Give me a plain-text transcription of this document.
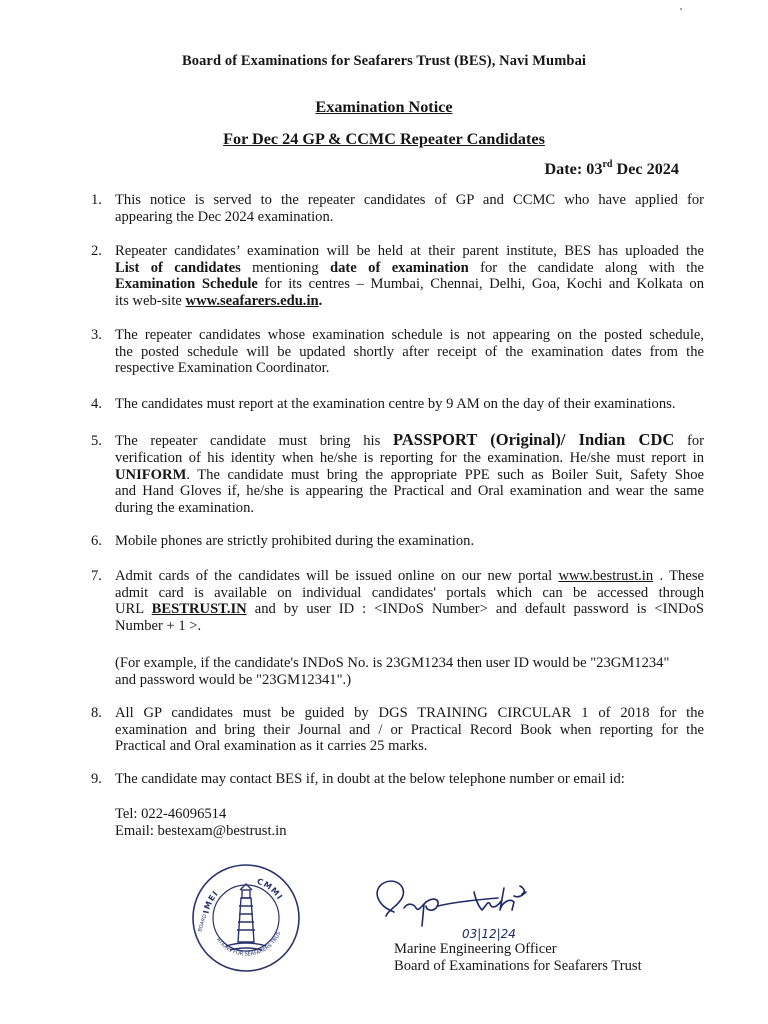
Board of Examinations for Seafarers Trust (BES), Navi Mumbai
Examination Notice
For Dec 24 GP & CCMC Repeater Candidates
Date: 03rd Dec 2024
1. This notice is served to the repeater candidates of GP and CCMC who have applied for
appearing the Dec 2024 examination.
2. Repeater candidates’ examination will be held at their parent institute, BES has uploaded the
List of candidates mentioning date of examination for the candidate along with the
Examination Schedule for its centres – Mumbai, Chennai, Delhi, Goa, Kochi and Kolkata on
its web-site www.seafarers.edu.in.
3. The repeater candidates whose examination schedule is not appearing on the posted schedule,
the posted schedule will be updated shortly after receipt of the examination dates from the
respective Examination Coordinator.
4. The candidates must report at the examination centre by 9 AM on the day of their examinations.
5. The repeater candidate must bring his PASSPORT (Original)/ Indian CDC for
verification of his identity when he/she is reporting for the examination. He/she must report in
UNIFORM. The candidate must bring the appropriate PPE such as Boiler Suit, Safety Shoe
and Hand Gloves if, he/she is appearing the Practical and Oral examination and wear the same
during the examination.
6. Mobile phones are strictly prohibited during the examination.
7. Admit cards of the candidates will be issued online on our new portal www.bestrust.in . These
admit card is available on individual candidates' portals which can be accessed through
URL BESTRUST.IN and by user ID : <INDoS Number> and default password is <INDoS
Number + 1 >.
(For example, if the candidate's INDoS No. is 23GM1234 then user ID would be "23GM1234"
and password would be "23GM12341".)
8. All GP candidates must be guided by DGS TRAINING CIRCULAR 1 of 2018 for the
examination and bring their Journal and / or Practical Record Book when reporting for the
Practical and Oral examination as it carries 25 marks.
9. The candidate may contact BES if, in doubt at the below telephone number or email id:
Tel: 022-46096514
Email: bestexam@bestrust.in
IMEI
CMMI
ATIONS FOR SEAFARERS TRUS
BOARD
03|12|24
Marine Engineering Officer
Board of Examinations for Seafarers Trust
